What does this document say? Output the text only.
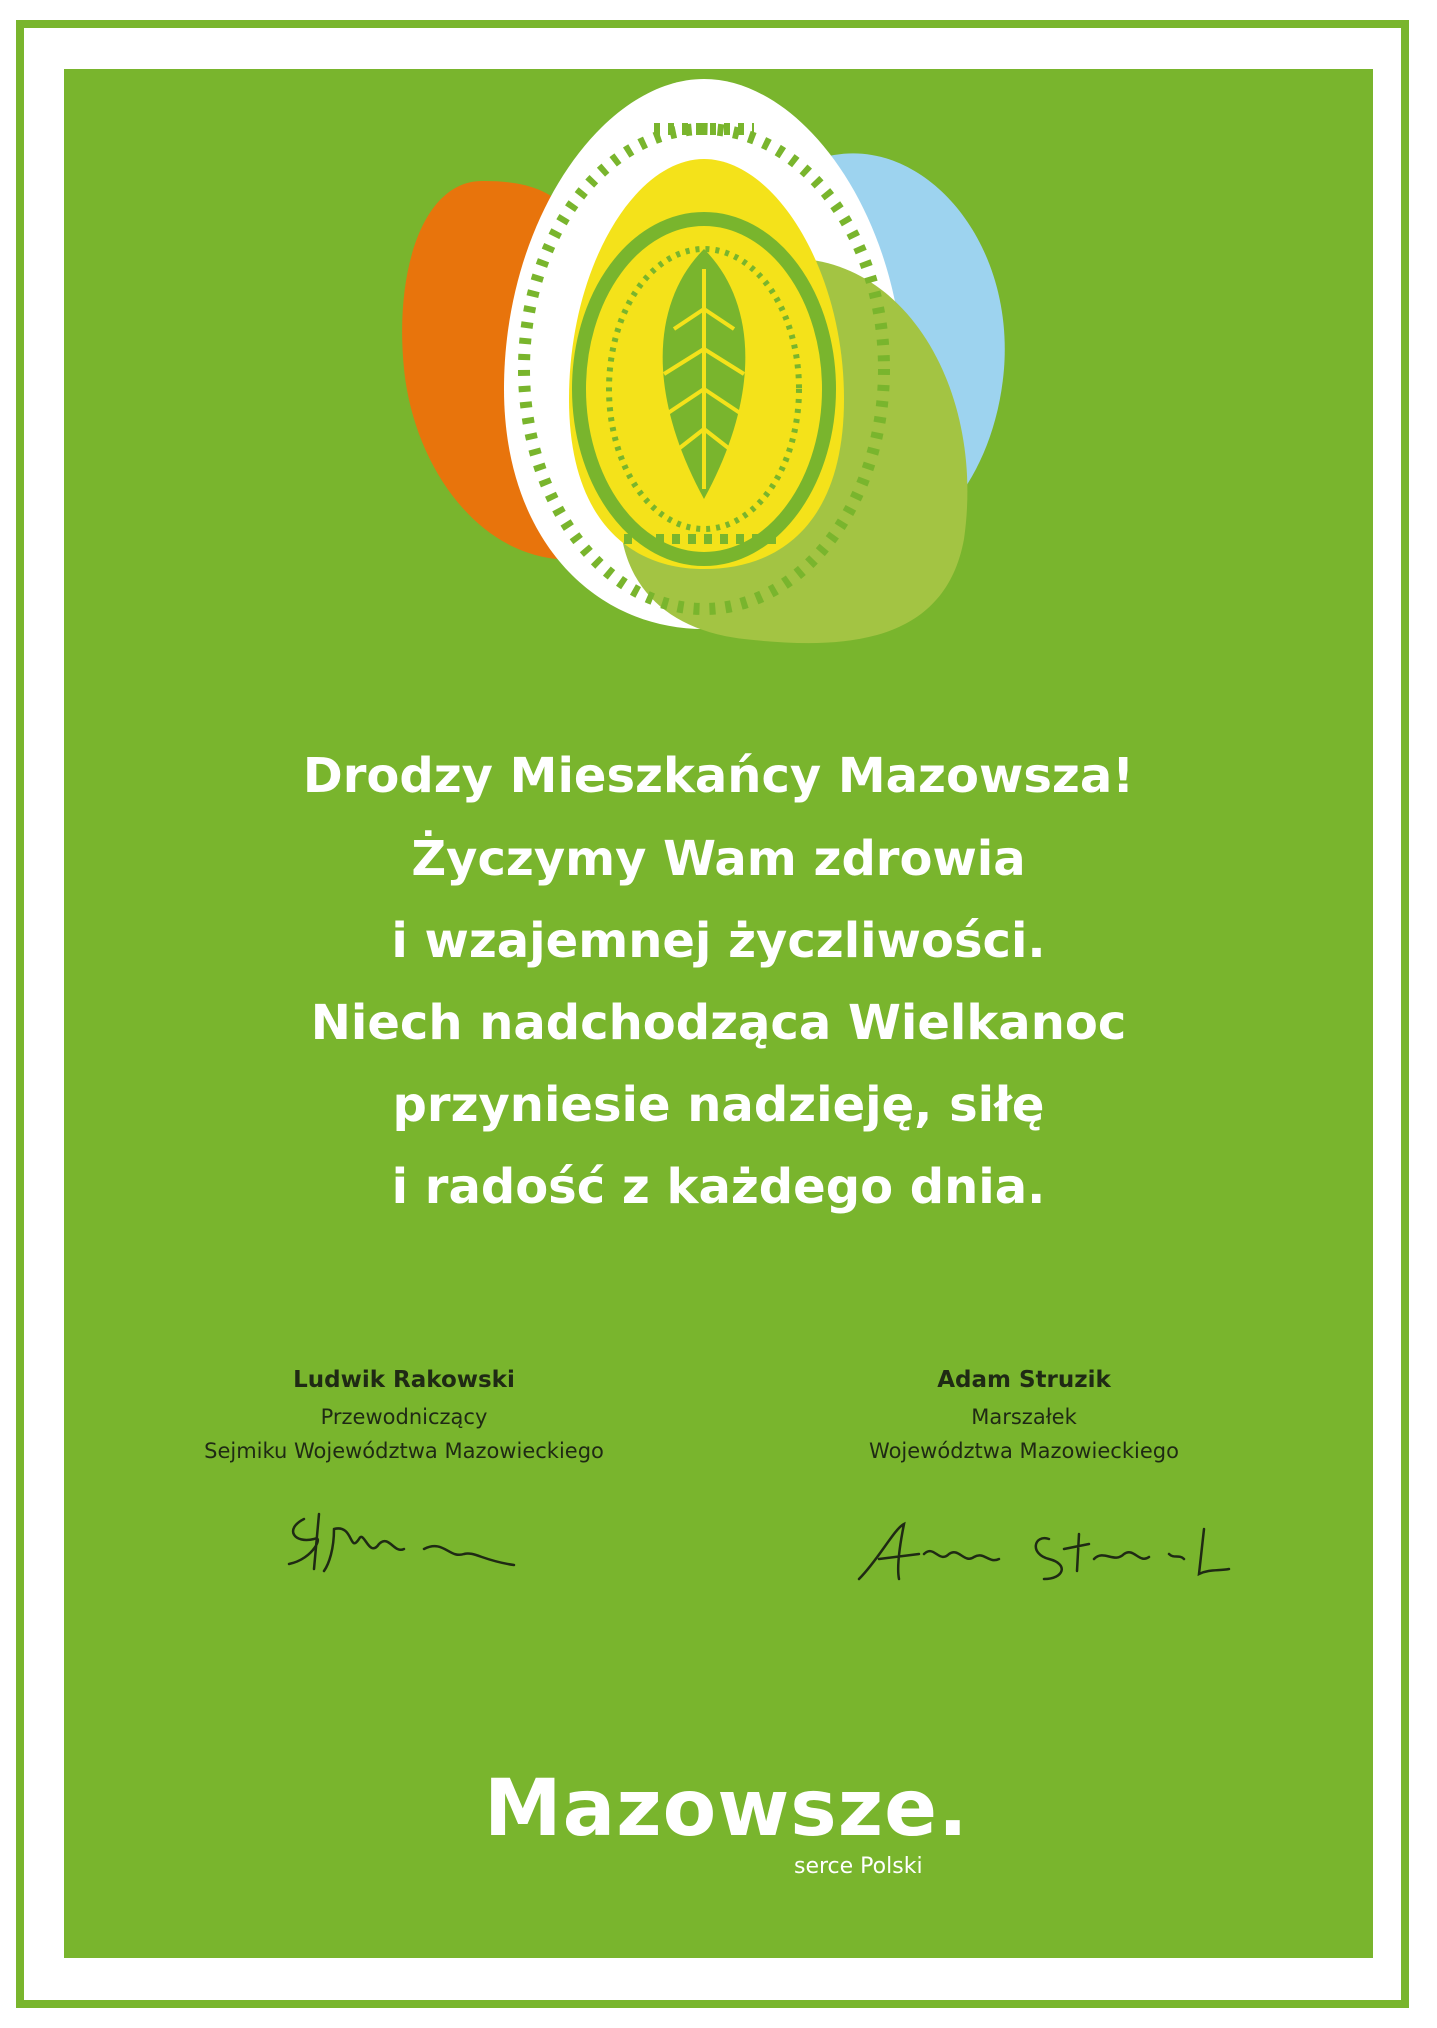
Drodzy Mieszkańcy Mazowsza!
Życzymy Wam zdrowia
i wzajemnej życzliwości.
Niech nadchodząca Wielkanoc
przyniesie nadzieję, siłę
i radość z każdego dnia.
Ludwik Rakowski
Przewodniczący
Sejmiku Województwa Mazowieckiego
Adam Struzik
Marszałek
Województwa Mazowieckiego
Mazowsze.
serce Polski
